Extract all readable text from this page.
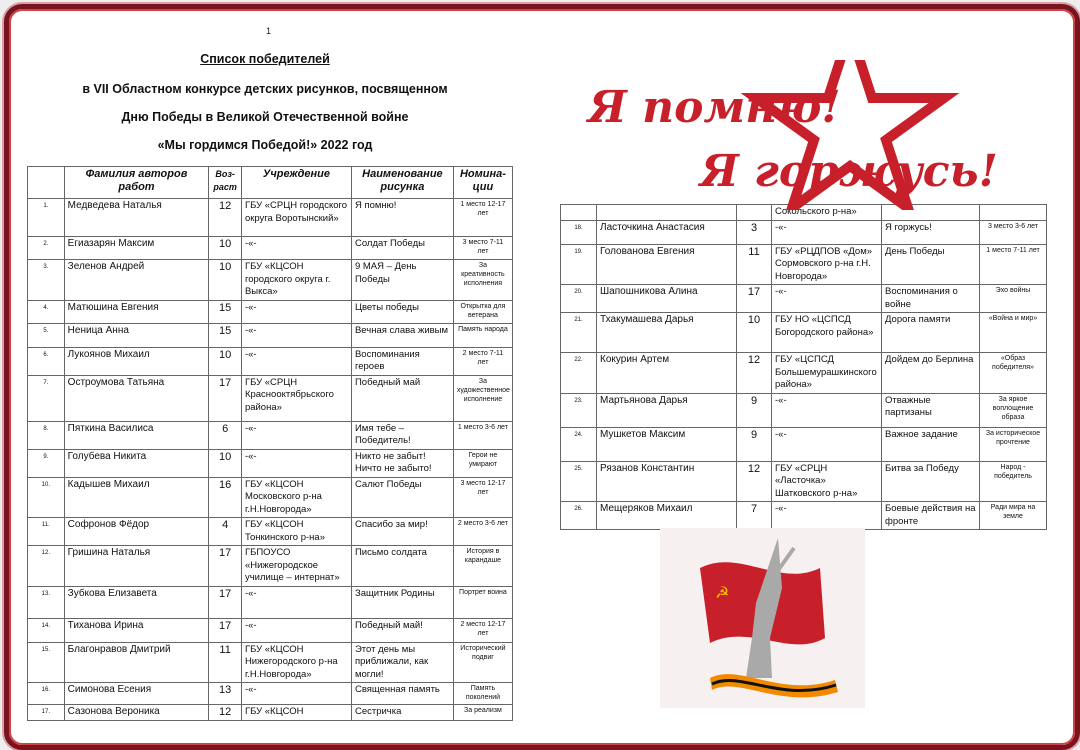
1
Список победителей
в VII Областном конкурсе детских рисунков, посвященном
Дню Победы в Великой Отечественной войне
«Мы гордимся Победой!» 2022 год
	Фамилия авторов работ	Воз-раст	Учреждение	Наименование рисунка	Номина-ции
1.	Медведева Наталья	12	ГБУ «СРЦН городского округа Воротынский»	Я помню!	1 место 12-17 лет
2.	Егиазарян Максим	10	-«-	Солдат Победы	3 место 7-11 лет
3.	Зеленов Андрей	10	ГБУ «КЦСОН городского округа г. Выкса»	9 МАЯ – День Победы	За креативность исполнения
4.	Матюшина Евгения	15	-«-	Цветы победы	Открытка для ветерана
5.	Неница Анна	15	-«-	Вечная слава живым	Память народа
6.	Лукоянов Михаил	10	-«-	Воспоминания героев	2 место 7-11 лет
7.	Остроумова Татьяна	17	ГБУ «СРЦН Краснооктябрьского района»	Победный май	За художественное исполнение
8.	Пяткина Василиса	6	-«-	Имя тебе – Победитель!	1 место 3-6 лет
9.	Голубева Никита	10	-«-	Никто не забыт! Ничто не забыто!	Герои не умирают
10.	Кадышев Михаил	16	ГБУ «КЦСОН Московского р-на г.Н.Новгорода»	Салют Победы	3 место 12-17 лет
11.	Софронов Фёдор	4	ГБУ «КЦСОН Тонкинского р-на»	Спасибо за мир!	2 место 3-6 лет
12.	Гришина Наталья	17	ГБПОУСО «Нижегородское училище – интернат»	Письмо солдата	История в карандаше
13.	Зубкова Елизавета	17	-«-	Защитник Родины	Портрет воина
14.	Тиханова Ирина	17	-«-	Победный май!	2 место 12-17 лет
15.	Благонравов Дмитрий	11	ГБУ «КЦСОН Нижегородского р-на г.Н.Новгорода»	Этот день мы приближали, как могли!	Исторический подвиг
16.	Симонова Есения	13	-«-	Священная память	Память поколений
17.	Сазонова Вероника	12	ГБУ «КЦСОН	Сестричка	За реализм
			Сокольского р-на»		
18.	Ласточкина Анастасия	3	-«-	Я горжусь!	3 место 3-6 лет
19.	Голованова Евгения	11	ГБУ «РЦДПОВ «Дом» Сормовского р-на г.Н. Новгорода»	День Победы	1 место 7-11 лет
20.	Шапошникова Алина	17	-«-	Воспоминания о войне	Эхо войны
21.	Тхакумашева Дарья	10	ГБУ НО «ЦСПСД Богородского района»	Дорога памяти	«Война и мир»
22.	Кокурин Артем	12	ГБУ «ЦСПСД Большемурашкинского района»	Дойдем до Берлина	«Образ победителя»
23.	Мартьянова Дарья	9	-«-	Отважные партизаны	За яркое воплощение образа
24.	Мушкетов Максим	9	-«-	Важное задание	За историческое прочтение
25.	Рязанов Константин	12	ГБУ «СРЦН «Ласточка» Шатковского р-на»	Битва за Победу	Народ - победитель
26.	Мещеряков Михаил	7	-«-	Боевые действия на фронте	Ради мира на земле
Я помню!
Я горжусь!
☭
